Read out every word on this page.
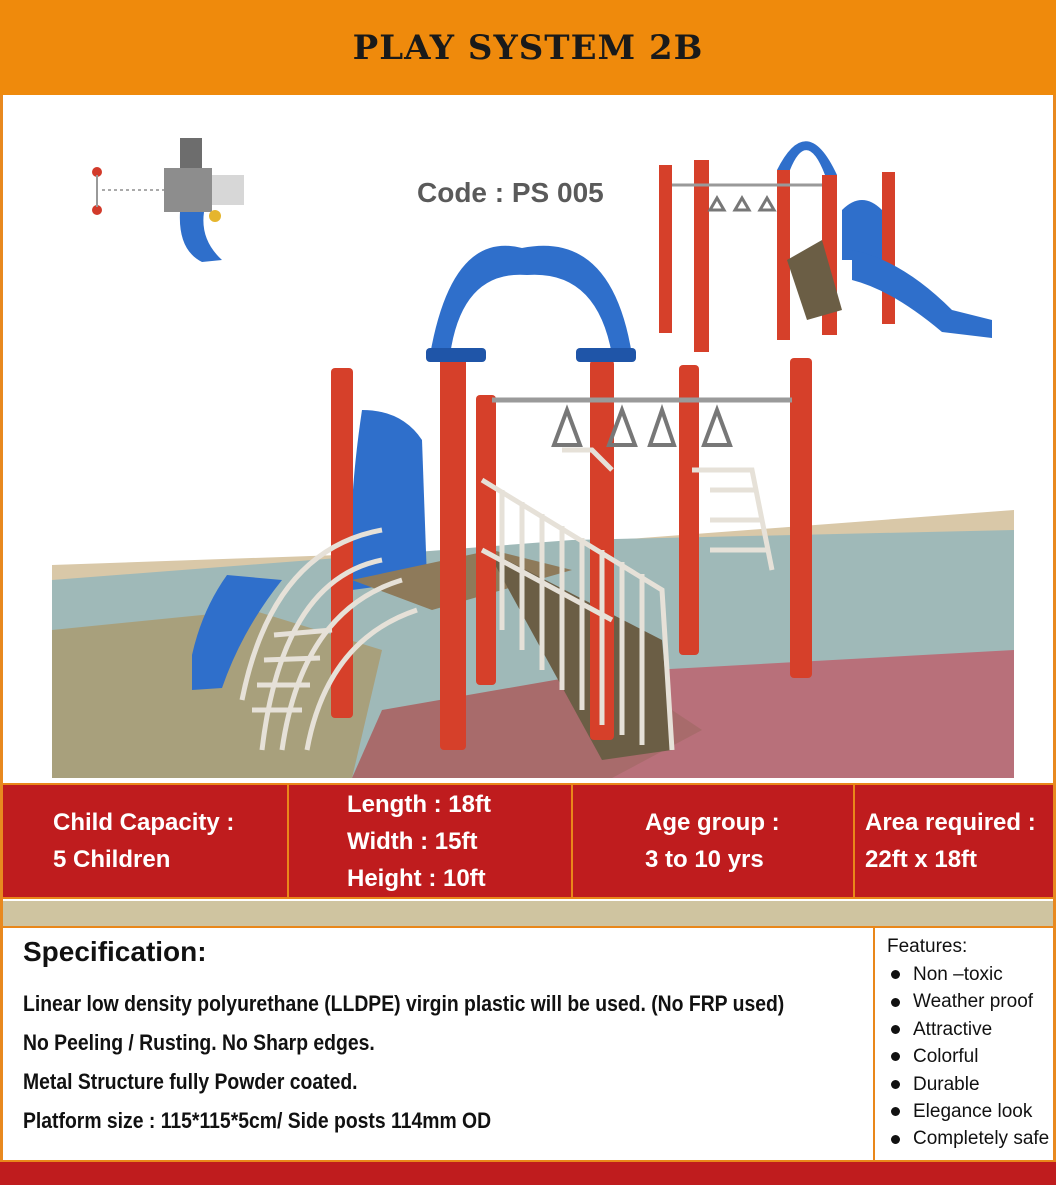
PLAY SYSTEM 2B
Code : PS 005
Child Capacity :
5 Children
Length : 18ft
Width : 15ft
Height : 10ft
Age group :
3 to 10 yrs
Area required :
22ft x 18ft
Specification:

Linear low density polyurethane (LLDPE) virgin plastic will be used. (No FRP used)

No Peeling / Rusting. No Sharp edges.

Metal Structure fully Powder coated.

Platform size : 115*115*5cm/ Side posts 114mm OD

Features:
Non –toxic
Weather proof
Attractive
Colorful
Durable
Elegance look
Completely safe
